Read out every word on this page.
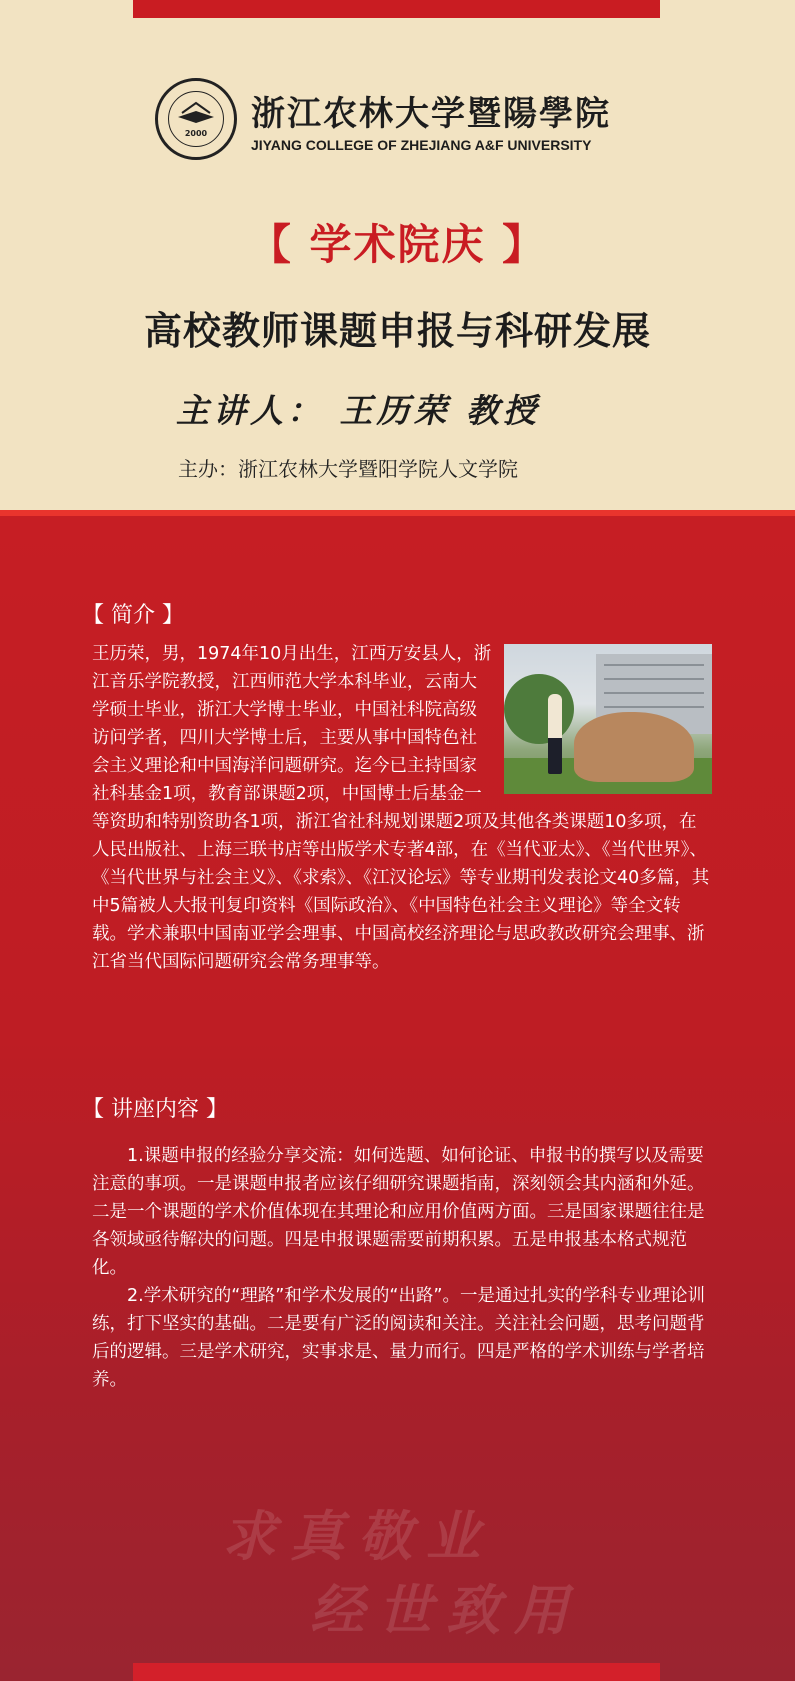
2000	浙江农林大学暨陽學院
JIYANG COLLEGE OF ZHEJIANG A&F UNIVERSITY
【 学术院庆 】
高校教师课题申报与科研发展
主讲人： 王历荣 教授
主办：浙江农林大学暨阳学院人文学院
【 简介 】
王历荣，男，1974年10月出生，江西万安县人，浙江音乐学院教授，江西师范大学本科毕业，云南大学硕士毕业，浙江大学博士毕业，中国社科院高级访问学者，四川大学博士后，主要从事中国特色社会主义理论和中国海洋问题研究。迄今已主持国家社科基金1项，教育部课题2项，中国博士后基金一等资助和特别资助各1项，浙江省社科规划课题2项及其他各类课题10多项，在人民出版社、上海三联书店等出版学术专著4部，在《当代亚太》、《当代世界》、《当代世界与社会主义》、《求索》、《江汉论坛》等专业期刊发表论文40多篇，其中5篇被人大报刊复印资料《国际政治》、《中国特色社会主义理论》等全文转载。学术兼职中国南亚学会理事、中国高校经济理论与思政教改研究会理事、浙江省当代国际问题研究会常务理事等。
【 讲座内容 】

1.课题申报的经验分享交流：如何选题、如何论证、申报书的撰写以及需要注意的事项。一是课题申报者应该仔细研究课题指南，深刻领会其内涵和外延。二是一个课题的学术价值体现在其理论和应用价值两方面。三是国家课题往往是各领域亟待解决的问题。四是申报课题需要前期积累。五是申报基本格式规范化。

2.学术研究的“理路”和学术发展的“出路”。一是通过扎实的学科专业理论训练，打下坚实的基础。二是要有广泛的阅读和关注。关注社会问题，思考问题背后的逻辑。三是学术研究，实事求是、量力而行。四是严格的学术训练与学者培养。

求真敬业
经世致用
